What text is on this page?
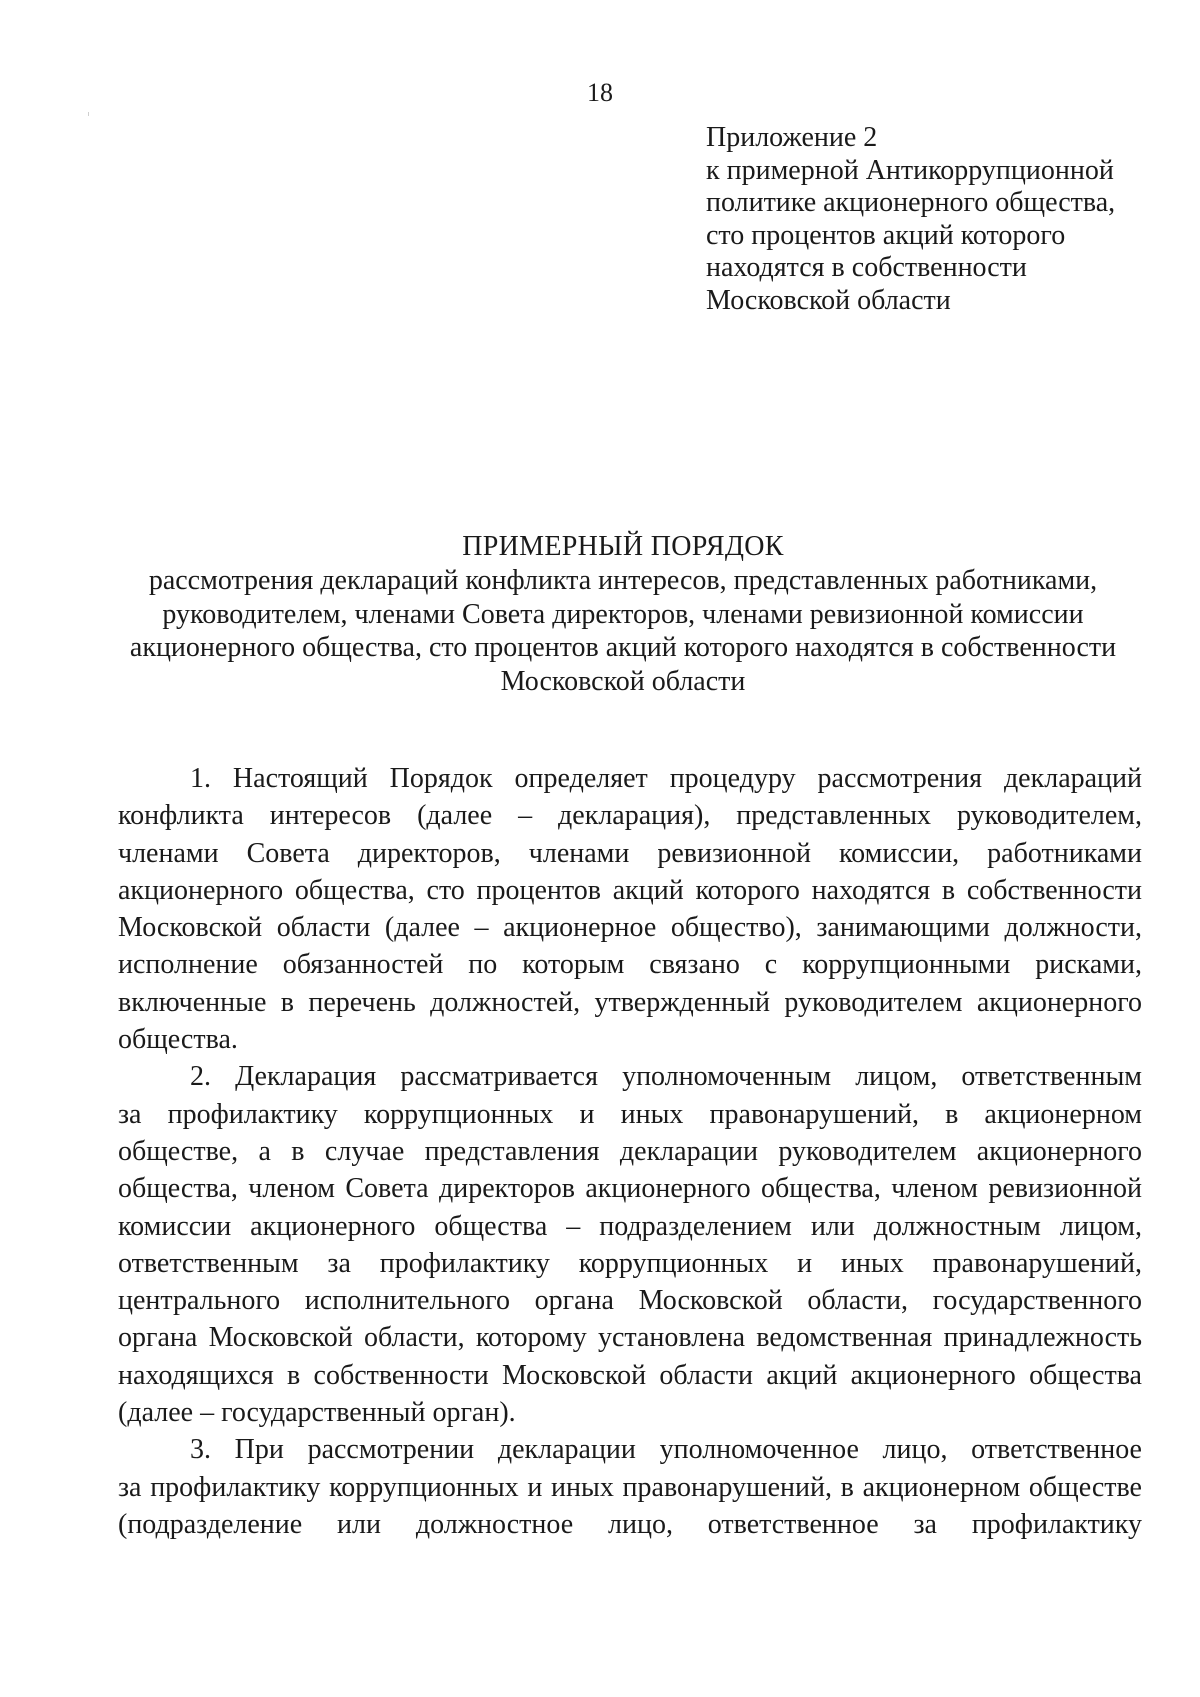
18
Приложение 2
к примерной Антикоррупционной
политике акционерного общества,
сто процентов акций которого
находятся в собственности
Московской области
ПРИМЕРНЫЙ ПОРЯДОК
рассмотрения деклараций конфликта интересов, представленных работниками,
руководителем, членами Совета директоров, членами ревизионной комиссии
акционерного общества, сто процентов акций которого находятся в собственности
Московской области
1. Настоящий Порядок определяет процедуру рассмотрения деклараций
конфликта интересов (далее – декларация), представленных руководителем,
членами Совета директоров, членами ревизионной комиссии, работниками
акционерного общества, сто процентов акций которого находятся в собственности
Московской области (далее – акционерное общество), занимающими должности,
исполнение обязанностей по которым связано с коррупционными рисками,
включенные в перечень должностей, утвержденный руководителем акционерного
общества.
2. Декларация рассматривается уполномоченным лицом, ответственным
за профилактику коррупционных и иных правонарушений, в акционерном
обществе, а в случае представления декларации руководителем акционерного
общества, членом Совета директоров акционерного общества, членом ревизионной
комиссии акционерного общества – подразделением или должностным лицом,
ответственным за профилактику коррупционных и иных правонарушений,
центрального исполнительного органа Московской области, государственного
органа Московской области, которому установлена ведомственная принадлежность
находящихся в собственности Московской области акций акционерного общества
(далее – государственный орган).
3. При рассмотрении декларации уполномоченное лицо, ответственное
за профилактику коррупционных и иных правонарушений, в акционерном обществе
(подразделение или должностное лицо, ответственное за профилактику
